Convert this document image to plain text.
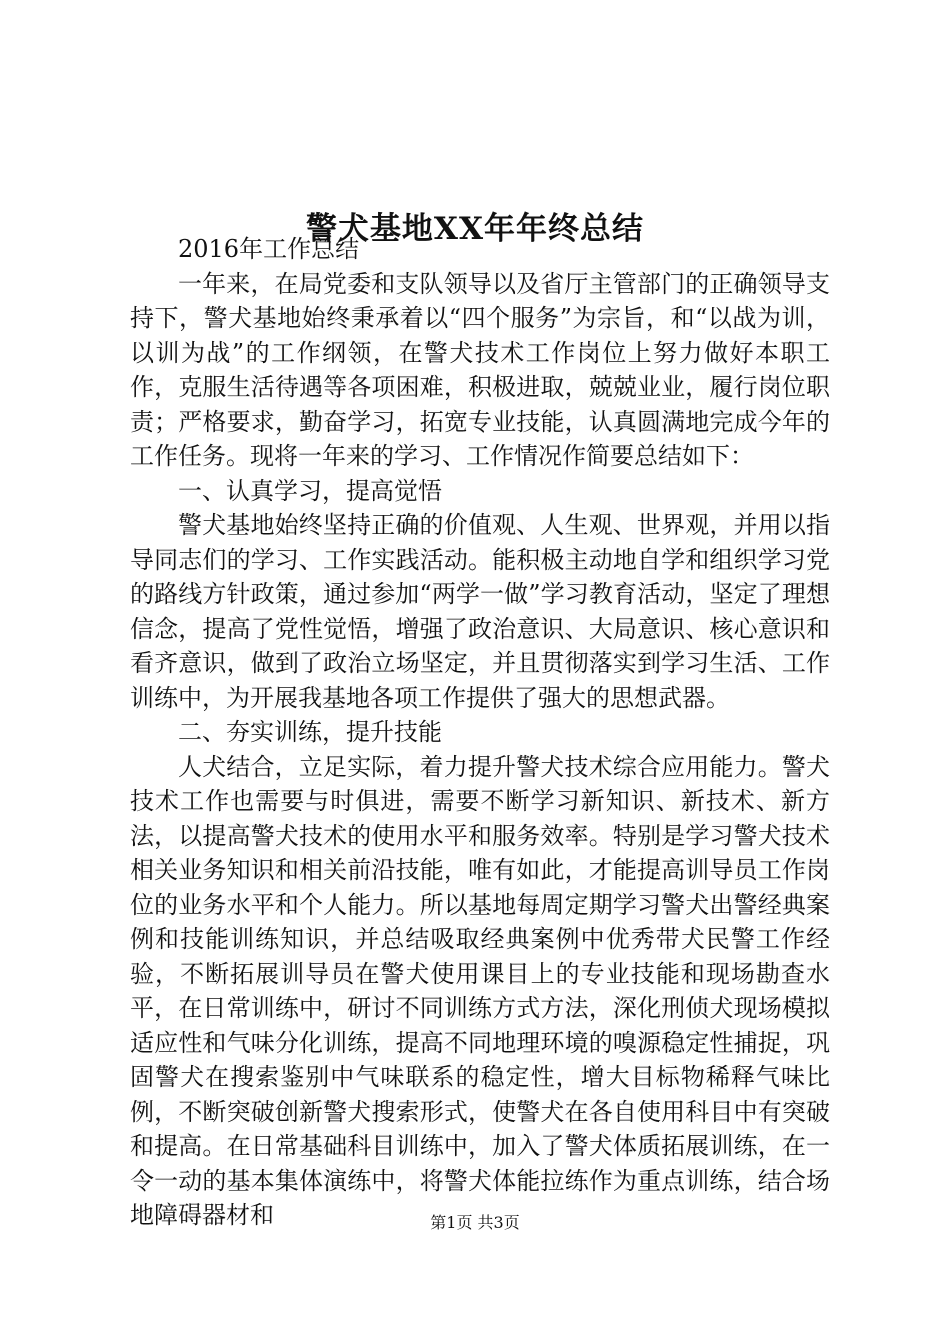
警犬基地XX年年终总结

2016年工作总结

一年来，在局党委和支队领导以及省厅主管部门的正确领导支持下，警犬基地始终秉承着以“四个服务”为宗旨，和“以战为训，以训为战”的工作纲领，在警犬技术工作岗位上努力做好本职工作，克服生活待遇等各项困难，积极进取，兢兢业业，履行岗位职责；严格要求，勤奋学习，拓宽专业技能，认真圆满地完成今年的工作任务。现将一年来的学习、工作情况作简要总结如下：

一、认真学习，提高觉悟

警犬基地始终坚持正确的价值观、人生观、世界观，并用以指导同志们的学习、工作实践活动。能积极主动地自学和组织学习党的路线方针政策，通过参加“两学一做”学习教育活动，坚定了理想信念，提高了党性觉悟，增强了政治意识、大局意识、核心意识和看齐意识，做到了政治立场坚定，并且贯彻落实到学习生活、工作训练中，为开展我基地各项工作提供了强大的思想武器。

二、夯实训练，提升技能

人犬结合，立足实际，着力提升警犬技术综合应用能力。警犬技术工作也需要与时俱进，需要不断学习新知识、新技术、新方法，以提高警犬技术的使用水平和服务效率。特别是学习警犬技术相关业务知识和相关前沿技能，唯有如此，才能提高训导员工作岗位的业务水平和个人能力。所以基地每周定期学习警犬出警经典案例和技能训练知识，并总结吸取经典案例中优秀带犬民警工作经验，不断拓展训导员在警犬使用课目上的专业技能和现场勘查水平，在日常训练中，研讨不同训练方式方法，深化刑侦犬现场模拟适应性和气味分化训练，提高不同地理环境的嗅源稳定性捕捉，巩固警犬在搜索鉴别中气味联系的稳定性，增大目标物稀释气味比例，不断突破创新警犬搜索形式，使警犬在各自使用科目中有突破和提高。在日常基础科目训练中，加入了警犬体质拓展训练，在一令一动的基本集体演练中，将警犬体能拉练作为重点训练，结合场地障碍器材和	第1页 共3页
